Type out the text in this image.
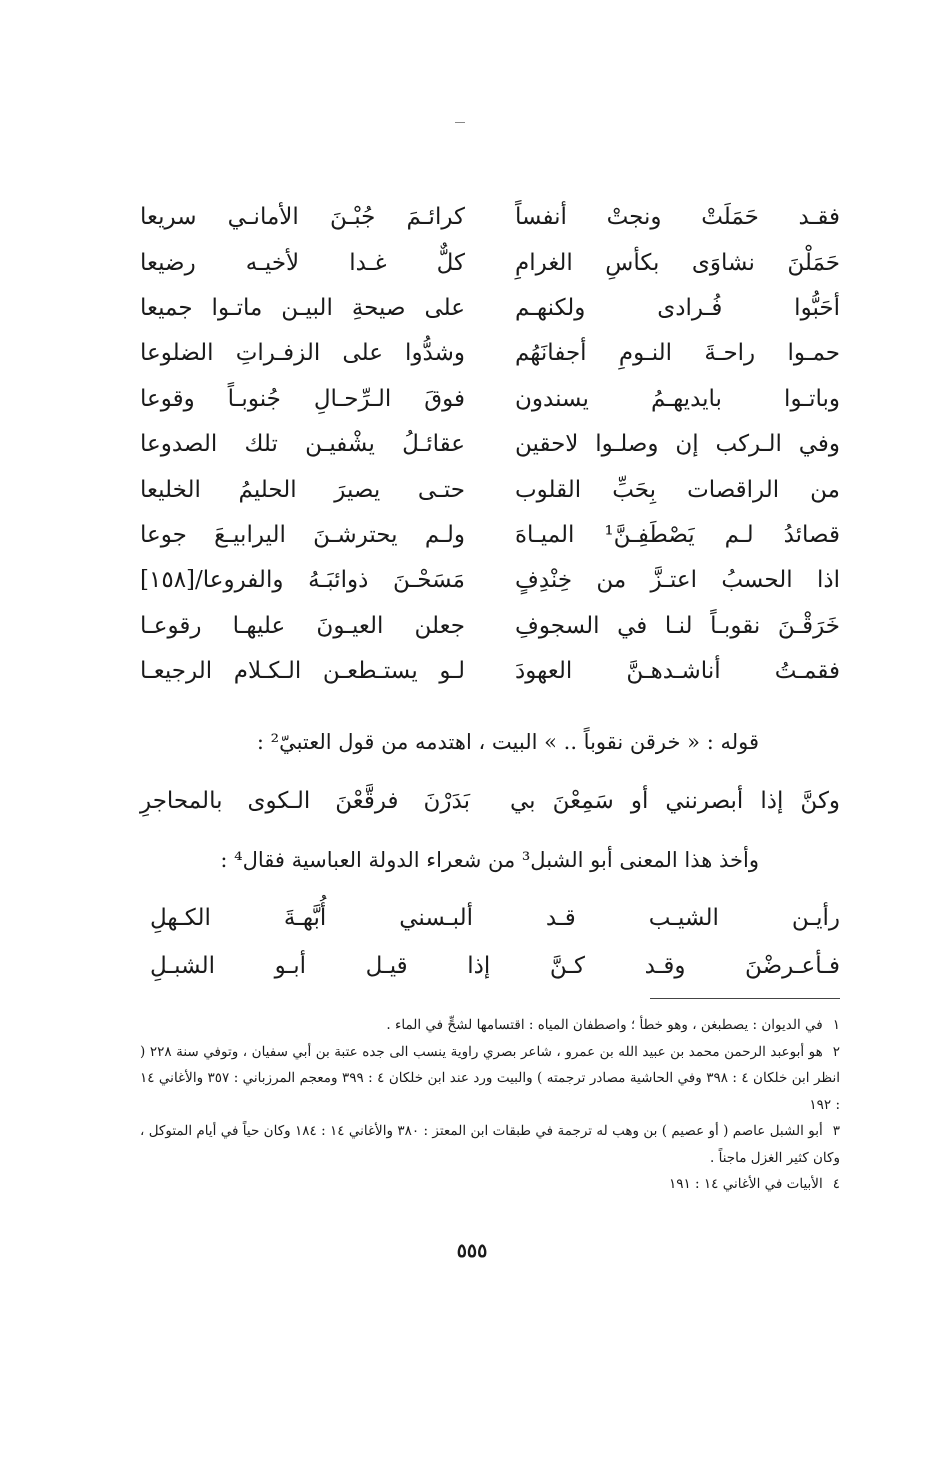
فقـد حَمَلَتْ ونجتْ أنفساً
كرائـمَ جُبْـنَ الأمانـي سريعا
حَمَلْنَ نشاوَى بكأسِ الغرامِ
كلٌّ غـدا لأخيـه رضيعا
أحَبُّوا فُـرادى ولكنهـم
على صيحةِ البيـن ماتـوا جميعا
حمـوا راحـةَ النـومِ أجفانَهُم
وشدُّوا على الزفـراتِ الضلوعا
وباتـوا بايديهـمُ يسندون
فوقَ الـرِّحـالِ جُنوبـاً وقوعا
وفي الـركب إن وصلـوا لاحقين
عقائـلُ يشْفيـن تلك الصدوعا
من الراقصات بِحَبِّ القلوب
حتـى يصيرَ الحليمُ الخليعا
قصائدُ لـم يَصْطَفِـنَّ¹ الميـاهَ
ولـم يحترشـنَ اليرابيـعَ جوعا
اذا الحسبُ اعتـزَّ من خِنْدِفٍ
مَسَحْـنَ ذوائبَـهُ والفروعا/[١٥٨]
خَرَقْـنَ نقوبـاً لنـا في السجوفِ
جعلن العيـونَ عليهـا رقوعـا
فقمـتُ أناشـدهـنَّ العهودَ
لـو يستـطعـن الـكـلام الرجيعـا
قوله : « خرقن نقوباً .. » البيت ، اهتدمه من قول العتبيّ² :
وكنَّ إذا أبصرنني أو سَمِعْنَ بي
بَدَرْنَ فرقَّعْنَ الـكوى بالمحاجرِ
وأخذ هذا المعنى أبو الشبل³ من شعراء الدولة العباسية فقال⁴ :
رأيـن الشيـب قـد ألبـسني أُبَّهـةَ الكـهلِ
فـأعـرضْنَ وقـد كـنَّ إذا قيـل أبـو الشبـلِ
١في الديوان : يصطبغن ، وهو خطأ ؛ واصطفان المياه : اقتسامها لشحٍّ في الماء .
٢هو أبوعبد الرحمن محمد بن عبيد الله بن عمرو ، شاعر بصري راوية ينسب الى جده عتبة بن أبي سفيان ، وتوفي سنة ٢٢٨ ( انظر ابن خلكان ٤ : ٣٩٨ وفي الحاشية مصادر ترجمته ) والبيت ورد عند ابن خلكان ٤ : ٣٩٩ ومعجم المرزباني : ٣٥٧ والأغاني ١٤ : ١٩٢
٣أبو الشبل عاصم ( أو عصيم ) بن وهب له ترجمة في طبقات ابن المعتز : ٣٨٠ والأغاني ١٤ : ١٨٤ وكان حياً في أيام المتوكل ، وكان كثير الغزل ماجناً .
٤الأبيات في الأغاني ١٤ : ١٩١
٥٥٥
